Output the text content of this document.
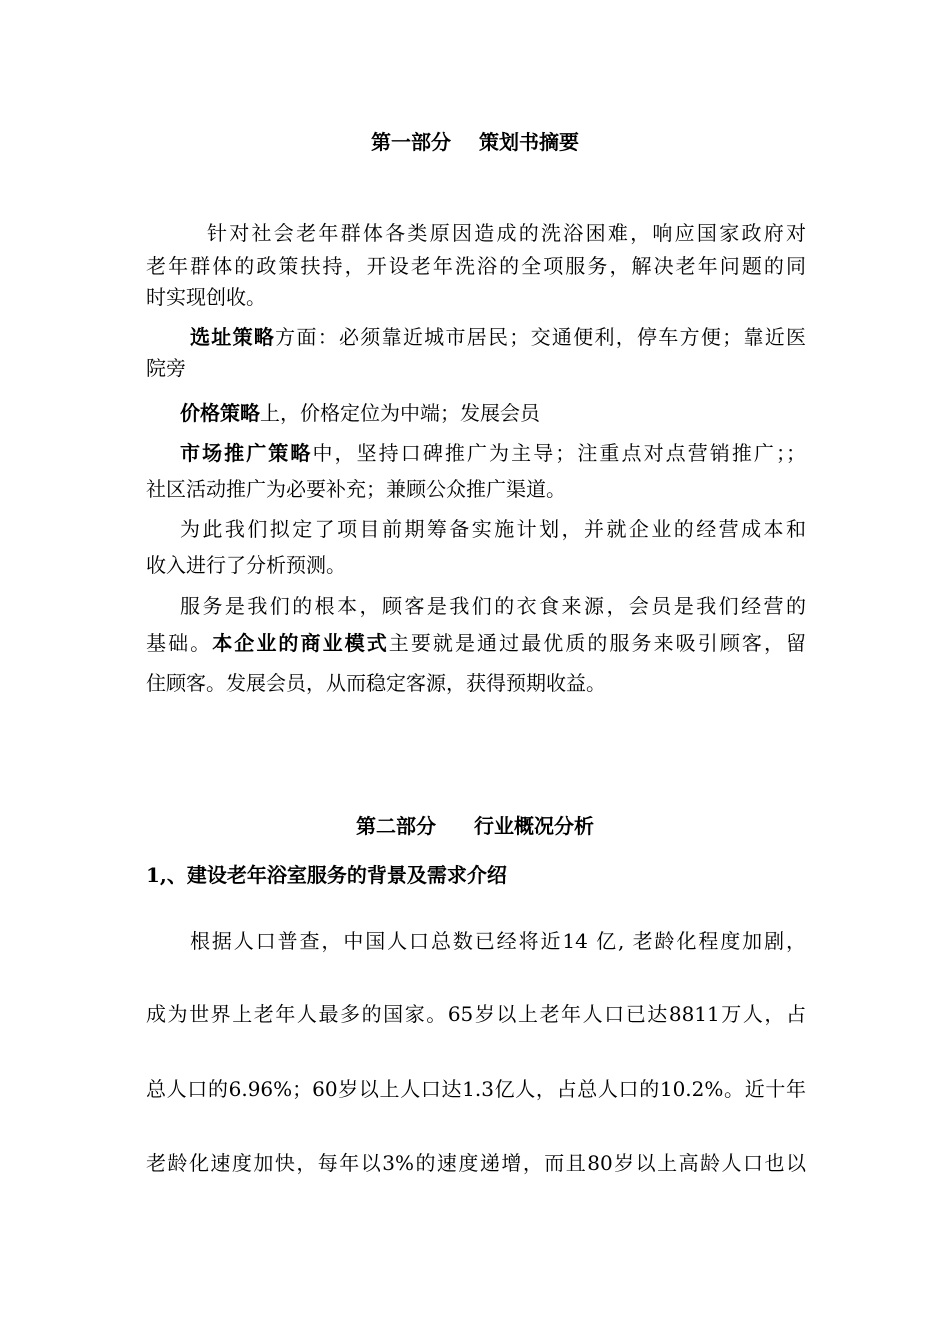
第一部分 策划书摘要
针对社会老年群体各类原因造成的洗浴困难，响应国家政府对
老年群体的政策扶持，开设老年洗浴的全项服务，解决老年问题的同
时实现创收。
选址策略方面：必须靠近城市居民；交通便利，停车方便；靠近医
院旁
价格策略上，价格定位为中端；发展会员
市场推广策略中，坚持口碑推广为主导；注重点对点营销推广；；
社区活动推广为必要补充；兼顾公众推广渠道。
为此我们拟定了项目前期筹备实施计划，并就企业的经营成本和
收入进行了分析预测。
服务是我们的根本，顾客是我们的衣食来源，会员是我们经营的
基础。本企业的商业模式主要就是通过最优质的服务来吸引顾客，留
住顾客。发展会员，从而稳定客源，获得预期收益。
第二部分 行业概况分析
1,、建设老年浴室服务的背景及需求介绍
根据人口普查，中国人口总数已经将近14 亿, 老龄化程度加剧，
成为世界上老年人最多的国家。65岁以上老年人口已达8811万人，占
总人口的6.96%；60岁以上人口达1.3亿人，占总人口的10.2%。近十年
老龄化速度加快，每年以3%的速度递增，而且80岁以上高龄人口也以
